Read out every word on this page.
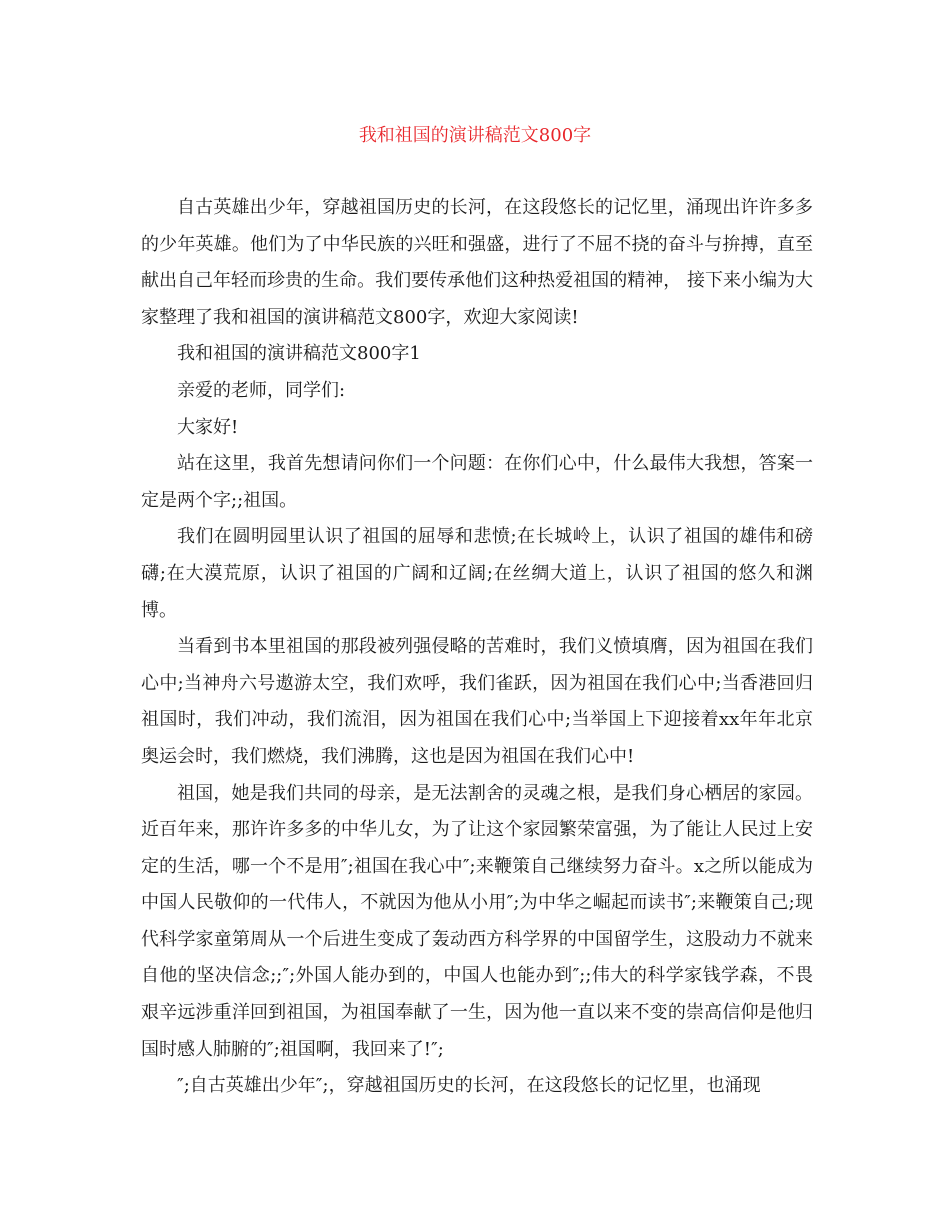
我和祖国的演讲稿范文800字

自古英雄出少年，穿越祖国历史的长河，在这段悠长的记忆里，涌现出许许多多的少年英雄。他们为了中华民族的兴旺和强盛，进行了不屈不挠的奋斗与拚搏，直至献出自己年轻而珍贵的生命。我们要传承他们这种热爱祖国的精神， 接下来小编为大家整理了我和祖国的演讲稿范文800字，欢迎大家阅读!

我和祖国的演讲稿范文800字1

亲爱的老师，同学们:

大家好!

站在这里，我首先想请问你们一个问题：在你们心中，什么最伟大我想，答案一定是两个字;;祖国。

我们在圆明园里认识了祖国的屈辱和悲愤;在长城岭上，认识了祖国的雄伟和磅礴;在大漠荒原，认识了祖国的广阔和辽阔;在丝绸大道上，认识了祖国的悠久和渊博。

当看到书本里祖国的那段被列强侵略的苦难时，我们义愤填膺，因为祖国在我们心中;当神舟六号遨游太空，我们欢呼，我们雀跃，因为祖国在我们心中;当香港回归祖国时，我们冲动，我们流泪，因为祖国在我们心中;当举国上下迎接着xx年年北京奥运会时，我们燃烧，我们沸腾，这也是因为祖国在我们心中!

祖国，她是我们共同的母亲，是无法割舍的灵魂之根，是我们身心栖居的家园。近百年来，那许许多多的中华儿女，为了让这个家园繁荣富强，为了能让人民过上安定的生活，哪一个不是用″;祖国在我心中″;来鞭策自己继续努力奋斗。x之所以能成为中国人民敬仰的一代伟人，不就因为他从小用″;为中华之崛起而读书″;来鞭策自己;现代科学家童第周从一个后进生变成了轰动西方科学界的中国留学生，这股动力不就来自他的坚决信念;;″;外国人能办到的，中国人也能办到″;;伟大的科学家钱学森，不畏艰辛远涉重洋回到祖国，为祖国奉献了一生，因为他一直以来不变的崇高信仰是他归国时感人肺腑的″;祖国啊，我回来了!″;

″;自古英雄出少年″;，穿越祖国历史的长河，在这段悠长的记忆里，也涌现
